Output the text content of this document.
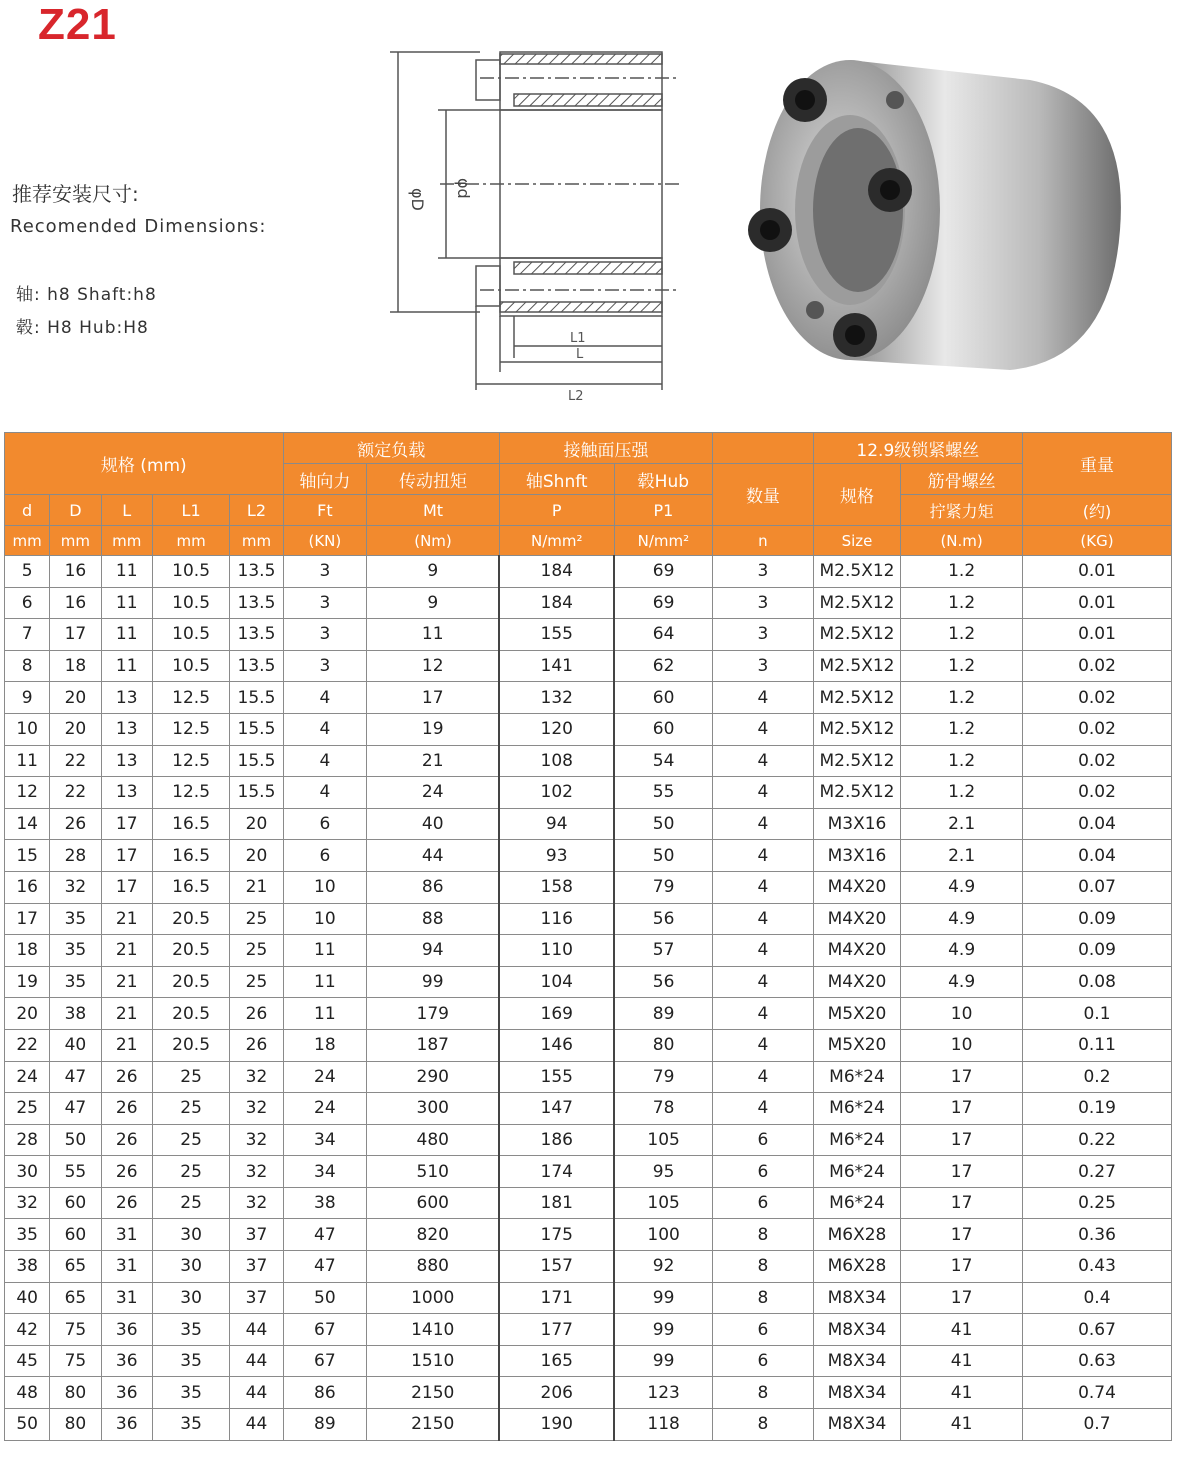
Z21
推荐安装尺寸:
Recomended Dimensions:
轴: h8 Shaft:h8
毂: H8 Hub:H8
φD φd
L1
L
L2
规格 (mm)					额定负载		接触面压强			12.9级锁紧螺丝		重量
					轴向力	传动扭矩	轴Shnft	毂Hub	数量	规格	筋骨螺丝	
d	D	L	L1	L2	Ft	Mt	P	P1			拧紧力矩	(约)
mm	mm	mm	mm	mm	(KN)	(Nm)	N/mm²	N/mm²	n	Size	(N.m)	(KG)
5	16	11	10.5	13.5	3	9	184	69	3	M2.5X12	1.2	0.01
6	16	11	10.5	13.5	3	9	184	69	3	M2.5X12	1.2	0.01
7	17	11	10.5	13.5	3	11	155	64	3	M2.5X12	1.2	0.01
8	18	11	10.5	13.5	3	12	141	62	3	M2.5X12	1.2	0.02
9	20	13	12.5	15.5	4	17	132	60	4	M2.5X12	1.2	0.02
10	20	13	12.5	15.5	4	19	120	60	4	M2.5X12	1.2	0.02
11	22	13	12.5	15.5	4	21	108	54	4	M2.5X12	1.2	0.02
12	22	13	12.5	15.5	4	24	102	55	4	M2.5X12	1.2	0.02
14	26	17	16.5	20	6	40	94	50	4	M3X16	2.1	0.04
15	28	17	16.5	20	6	44	93	50	4	M3X16	2.1	0.04
16	32	17	16.5	21	10	86	158	79	4	M4X20	4.9	0.07
17	35	21	20.5	25	10	88	116	56	4	M4X20	4.9	0.09
18	35	21	20.5	25	11	94	110	57	4	M4X20	4.9	0.09
19	35	21	20.5	25	11	99	104	56	4	M4X20	4.9	0.08
20	38	21	20.5	26	11	179	169	89	4	M5X20	10	0.1
22	40	21	20.5	26	18	187	146	80	4	M5X20	10	0.11
24	47	26	25	32	24	290	155	79	4	M6*24	17	0.2
25	47	26	25	32	24	300	147	78	4	M6*24	17	0.19
28	50	26	25	32	34	480	186	105	6	M6*24	17	0.22
30	55	26	25	32	34	510	174	95	6	M6*24	17	0.27
32	60	26	25	32	38	600	181	105	6	M6*24	17	0.25
35	60	31	30	37	47	820	175	100	8	M6X28	17	0.36
38	65	31	30	37	47	880	157	92	8	M6X28	17	0.43
40	65	31	30	37	50	1000	171	99	8	M8X34	17	0.4
42	75	36	35	44	67	1410	177	99	6	M8X34	41	0.67
45	75	36	35	44	67	1510	165	99	6	M8X34	41	0.63
48	80	36	35	44	86	2150	206	123	8	M8X34	41	0.74
50	80	36	35	44	89	2150	190	118	8	M8X34	41	0.7
